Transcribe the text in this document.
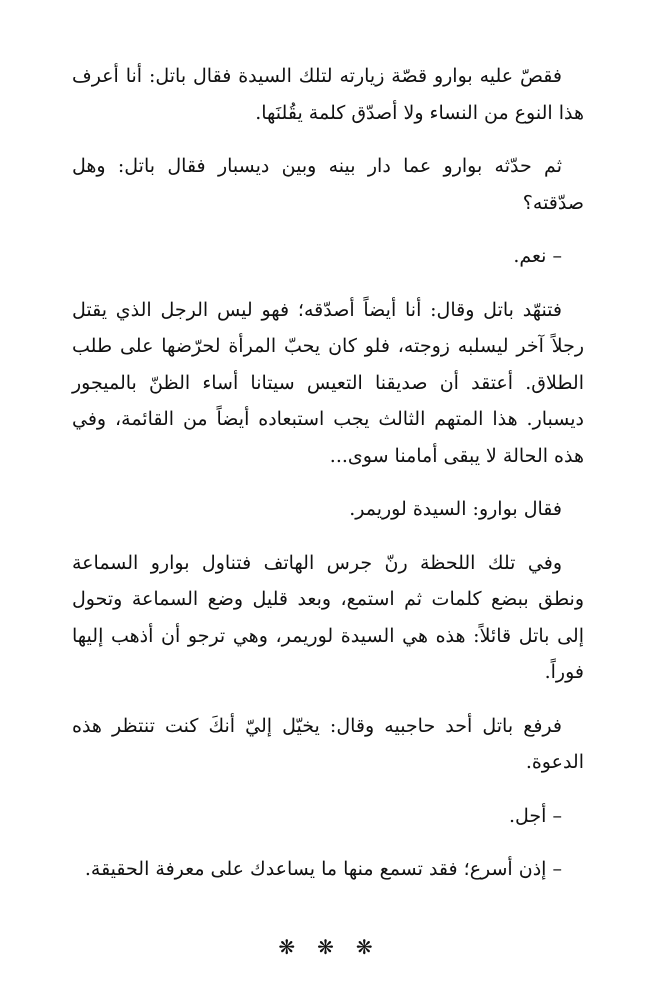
فقصّ عليه بوارو قصّة زيارته لتلك السيدة فقال باتل: أنا أعرف هذا النوع من النساء ولا أصدّق كلمة يقُلنَها.

ثم حدّثه بوارو عما دار بينه وبين ديسبار فقال باتل: وهل صدّقته؟

– نعم.

فتنهّد باتل وقال: أنا أيضاً أصدّقه؛ فهو ليس الرجل الذي يقتل رجلاً آخر ليسلبه زوجته، فلو كان يحبّ المرأة لحرّضها على طلب الطلاق. أعتقد أن صديقنا التعيس سيتانا أساء الظنّ بالميجور ديسبار. هذا المتهم الثالث يجب استبعاده أيضاً من القائمة، وفي هذه الحالة لا يبقى أمامنا سوى...

فقال بوارو: السيدة لوريمر.

وفي تلك اللحظة رنّ جرس الهاتف فتناول بوارو السماعة ونطق ببضع كلمات ثم استمع، وبعد قليل وضع السماعة وتحول إلى باتل قائلاً: هذه هي السيدة لوريمر، وهي ترجو أن أذهب إليها فوراً.

فرفع باتل أحد حاجبيه وقال: يخيّل إليّ أنكَ كنت تنتظر هذه الدعوة.

– أجل.

– إذن أسرع؛ فقد تسمع منها ما يساعدك على معرفة الحقيقة.

❋❋❋
